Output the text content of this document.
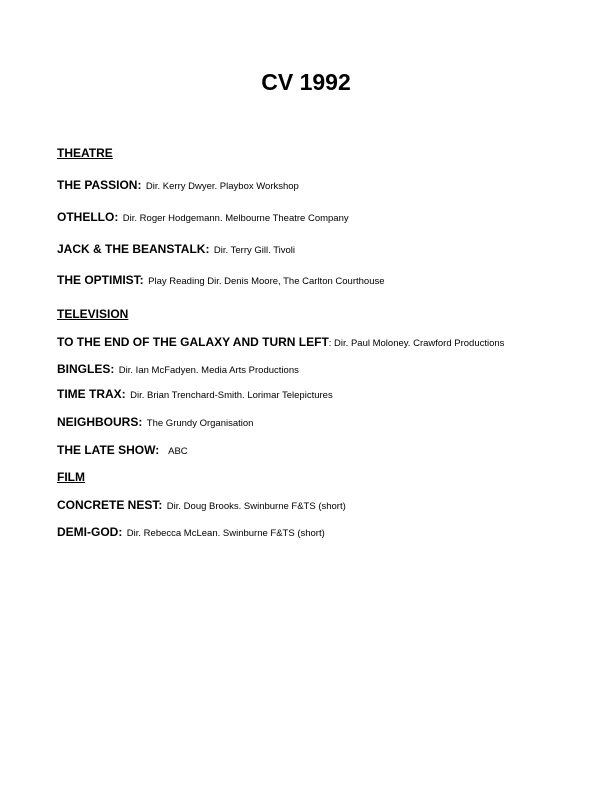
CV 1992
THEATRE
THE PASSION: Dir. Kerry Dwyer. Playbox Workshop
OTHELLO: Dir. Roger Hodgemann. Melbourne Theatre Company
JACK & THE BEANSTALK: Dir. Terry Gill. Tivoli
THE OPTIMIST: Play Reading Dir. Denis Moore, The Carlton Courthouse
TELEVISION
TO THE END OF THE GALAXY AND TURN LEFT: Dir. Paul Moloney. Crawford Productions
BINGLES: Dir. Ian McFadyen. Media Arts Productions
TIME TRAX: Dir. Brian Trenchard-Smith. Lorimar Telepictures
NEIGHBOURS: The Grundy Organisation
THE LATE SHOW: ABC
FILM
CONCRETE NEST: Dir. Doug Brooks. Swinburne F&TS (short)
DEMI-GOD: Dir. Rebecca McLean. Swinburne F&TS (short)
